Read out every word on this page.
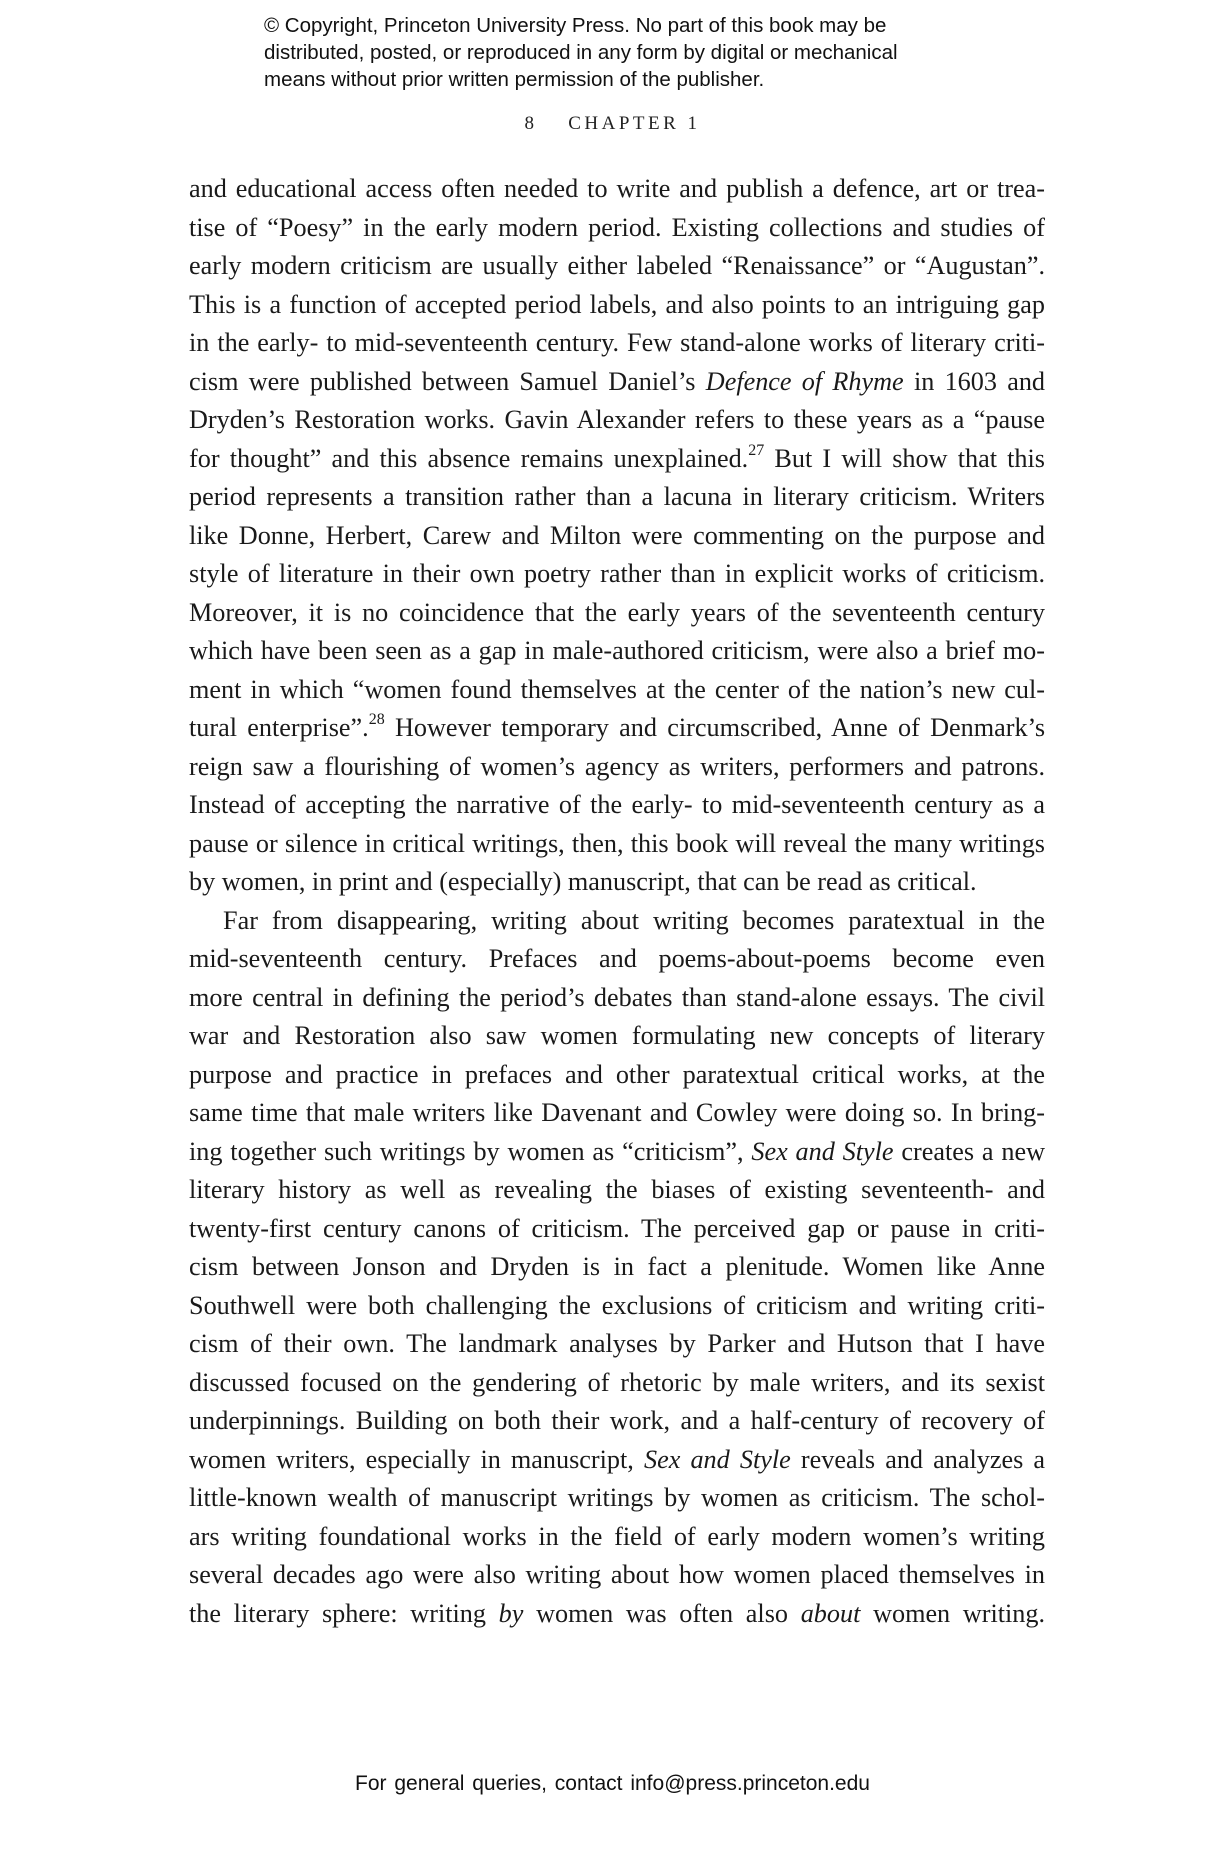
© Copyright, Princeton University Press. No part of this book may be
distributed, posted, or reproduced in any form by digital or mechanical
means without prior written permission of the publisher.
8 CHAPTER 1
and educational access often needed to write and publish a defence, art or trea-
tise of “Poesy” in the early modern period. Existing collections and studies of
early modern criticism are usually either labeled “Renaissance” or “Augustan”.
This is a function of accepted period labels, and also points to an intriguing gap
in the early- to mid-seventeenth century. Few stand-alone works of literary criti-
cism were published between Samuel Daniel’s Defence of Rhyme in 1603 and
Dryden’s Restoration works. Gavin Alexander refers to these years as a “pause
for thought” and this absence remains unexplained.$^{27}$ But I will show that this
period represents a transition rather than a lacuna in literary criticism. Writers
like Donne, Herbert, Carew and Milton were commenting on the purpose and
style of literature in their own poetry rather than in explicit works of criticism.
Moreover, it is no coincidence that the early years of the seventeenth century
which have been seen as a gap in male-authored criticism, were also a brief mo-
ment in which “women found themselves at the center of the nation’s new cul-
tural enterprise”.$^{28}$ However temporary and circumscribed, Anne of Denmark’s
reign saw a flourishing of women’s agency as writers, performers and patrons.
Instead of accepting the narrative of the early- to mid-seventeenth century as a
pause or silence in critical writings, then, this book will reveal the many writings
by women, in print and (especially) manuscript, that can be read as critical.
Far from disappearing, writing about writing becomes paratextual in the
mid-seventeenth century. Prefaces and poems-about-poems become even
more central in defining the period’s debates than stand-alone essays. The civil
war and Restoration also saw women formulating new concepts of literary
purpose and practice in prefaces and other paratextual critical works, at the
same time that male writers like Davenant and Cowley were doing so. In bring-
ing together such writings by women as “criticism”, Sex and Style creates a new
literary history as well as revealing the biases of existing seventeenth- and
twenty-first century canons of criticism. The perceived gap or pause in criti-
cism between Jonson and Dryden is in fact a plenitude. Women like Anne
Southwell were both challenging the exclusions of criticism and writing criti-
cism of their own. The landmark analyses by Parker and Hutson that I have
discussed focused on the gendering of rhetoric by male writers, and its sexist
underpinnings. Building on both their work, and a half-century of recovery of
women writers, especially in manuscript, Sex and Style reveals and analyzes a
little-known wealth of manuscript writings by women as criticism. The schol-
ars writing foundational works in the field of early modern women’s writing
several decades ago were also writing about how women placed themselves in
the literary sphere: writing by women was often also about women writing.
For general queries, contact info@press.princeton.edu
